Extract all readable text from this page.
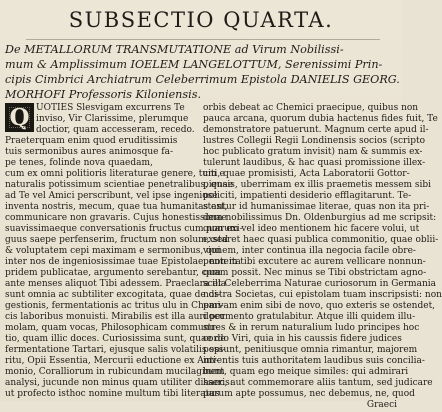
SUBSECTIO QUARTA.
De METALLORUM TRANSMUTATIONE ad Virum Nobilissi-
mum & Amplissimum IOELEM LANGELOTTUM, Serenissimi Prin-
cipis Cimbrici Archiatrum Celeberrimum Epistola DANIELIS GEORG.
MORHOFI Professoris Kiloniensis.
Q UOTIES Slesvigam excurrens Te
inviso, Vir Clarissime, plerumque
doctior, quam accesseram, recedo.
Praeterquam enim quod eruditissimis
tuis sermonibus aures animosque fa-
pe tenes, folinde nova quaedam,
cum ex omni politioris literaturae genere, tum e
naturalis potissimum scientiae penetralibus, quae
ad Te vel Amici perscribunt, vel ipse ingeniose
inventa nostris, mecum, quae tua humanitas est,
communicare non gravaris. Cujus honestissimae
suavissimaeque conversationis fructus cum non exi-
guus saepe perfenserim, fructum non solum, sed
& voluptatem cepi maximam e sermonibus, qui
inter nos de ingeniosissimae tuae Epistolae, non ita
pridem publicatae, argumento serebantur, cum
ante menses aliquot Tibi adessem. Praeclara illa
sunt omnia ac subtiliter excogitata, quae de di-
gestionis, fermentationis ac tritus ulu in Chemi-
cis laboribus monuisti. Mirabilis est illa auri per
molam, quam vocas, Philosophicam communu-
tio, quam illic doces. Curiosissima sunt, quae de
fermentatione Tartari, ejusque salis volatilis spi-
ritu, Opii Essentia, Mercurii eductione ex Anti-
monio, Coralliorum in rubicundam mucilaginem
analysi, jucunde non minus quam utiliter disseris:
ut profecto isthoc nomine multum tibi literatus
orbis debeat ac Chemici praecipue, quibus non
pauca arcana, quorum dubia hactenus fides fuit, Te
demonstratore patuerunt. Magnum certe apud il-
lustres Collegii Regii Londinensis socios (scripto
hoc publicato gratum invisit) nam & summis ex-
tulerunt laudibus, & hac quasi promissione illex-
citi, quae promisisti, Acta Laboratorii Gottor-
piensis, uberrimam ex illis praemetis messem sibi
policiti, impatienti desiderio efflagitarunt. Te-
stantur id humanissimae literae, quas non ita pri-
dem nobilissimus Dn. Oldenburgius ad me scripsit:
quarum vel ideo mentionem hic facere volui, ut
exstaret haec quasi publica commonitio, quae oblii-
vionem, inter continua illa negocia facile obre-
pentem tibi excutere ac aurem vellicare nonnun-
quam possit. Nec minus se Tibi obstrictam agno-
scet Celeberrima Naturae curiosorum in Germania
nostra Societas, cui epistolam tuam inscripsisti: non
parvam enim sibi de novo, quo exteris se ostendet,
documento gratulabitur. Atque illi quidem illu-
stres & in rerum naturalium ludo principes hoc
cordo Viri, quia in his caussis fidere judices
possunt, penitiusque omnia rimantur, majorem
inventis tuis authoritatem laudibus suis concilia-
bunt, quam ego meique similes: qui admirari
haec, aut commemorare aliis tantum, sed judicare
parum apte possumus, nec debemus, ne, quod
Graeci
